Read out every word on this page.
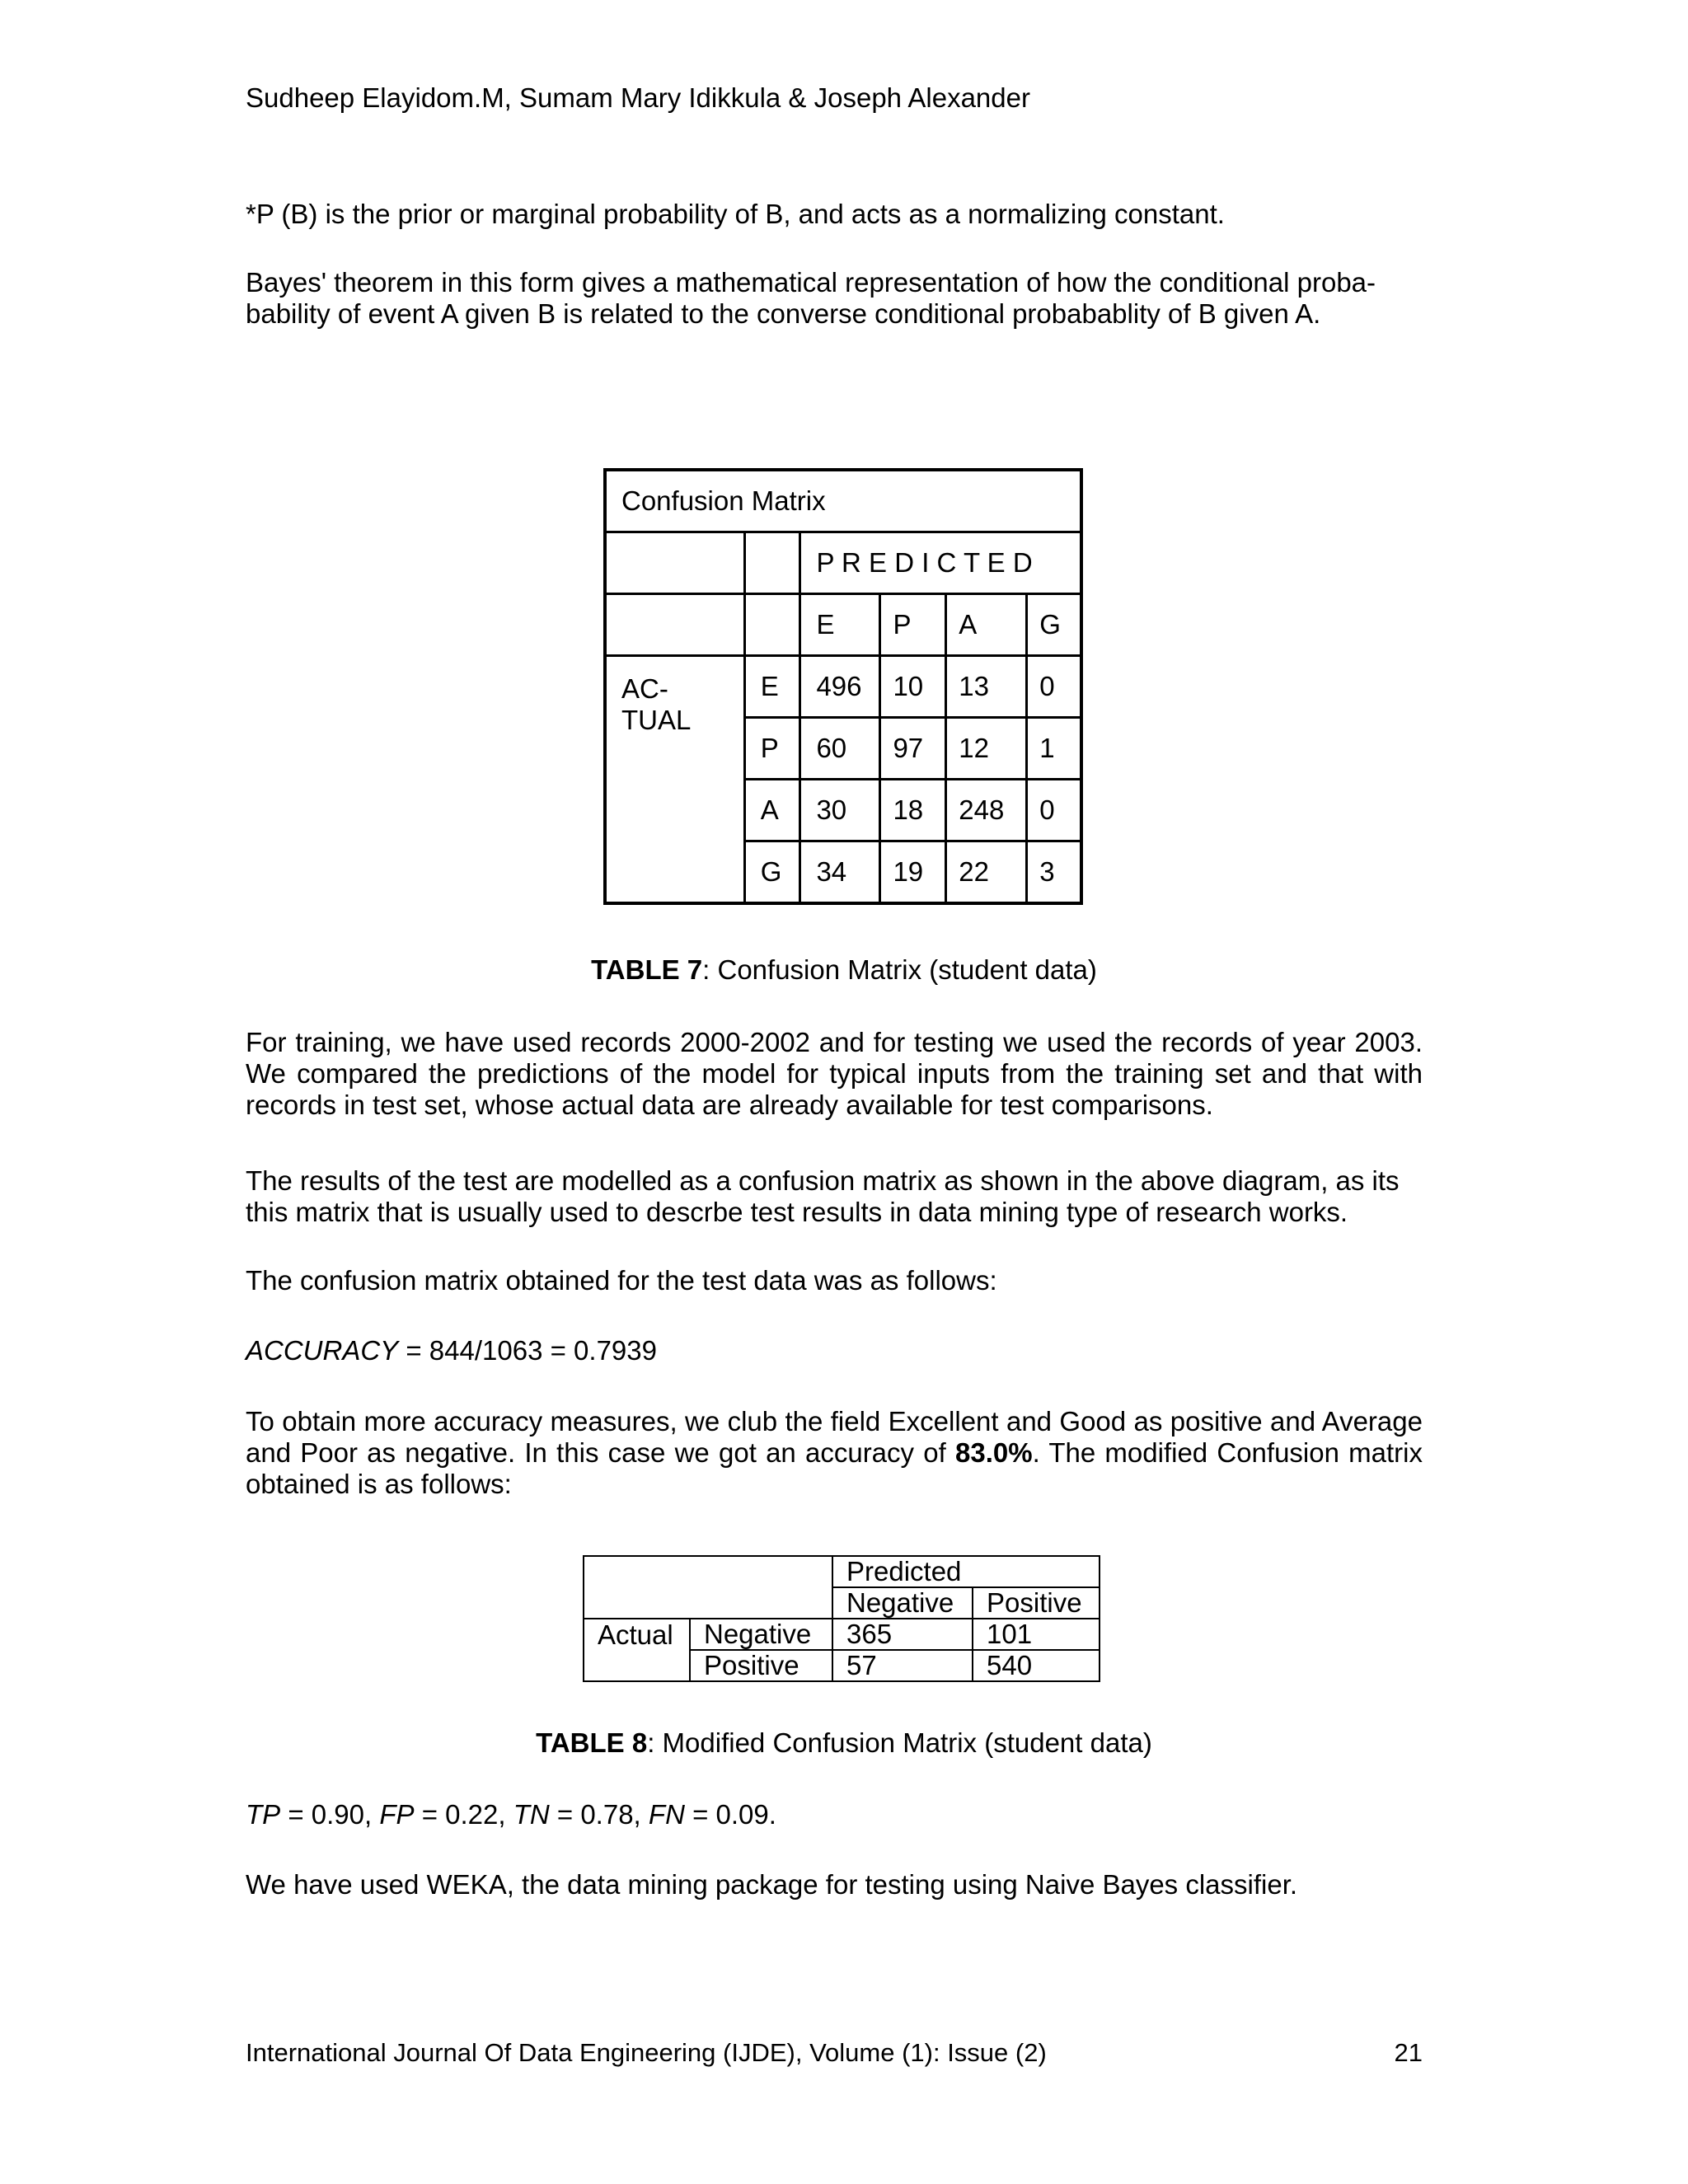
Sudheep Elayidom.M, Sumam Mary Idikkula & Joseph Alexander

*P (B) is the prior or marginal probability of B, and acts as a normalizing constant.

Bayes' theorem in this form gives a mathematical representation of how the conditional proba-
bability of event A given B is related to the converse conditional probabablity of B given A.
Confusion Matrix					
		P R E D I C T E D			
		E	P	A	G

AC-
TUAL	E	496	10	13	0
	P	60	97	12	1
	A	30	18	248	0
	G	34	19	22	3
TABLE 7: Confusion Matrix (student data)

For training, we have used records 2000-2002 and for testing we used the records of year 2003. We compared the predictions of the model for typical inputs from the training set and that with records in test set, whose actual data are already available for test comparisons.

The results of the test are modelled as a confusion matrix as shown in the above diagram, as its this matrix that is usually used to descrbe test results in data mining type of research works.

The confusion matrix obtained for the test data was as follows:

ACCURACY = 844/1063 = 0.7939

To obtain more accuracy measures, we club the field Excellent and Good as positive and Average and Poor as negative. In this case we got an accuracy of 83.0%. The modified Confusion matrix obtained is as follows:

		Predicted	
		Negative	Positive
Actual	Negative	365	101
	Positive	57	540
TABLE 8: Modified Confusion Matrix (student data)

TP = 0.90, FP = 0.22, TN = 0.78, FN = 0.09.

We have used WEKA, the data mining package for testing using Naive Bayes classifier.

International Journal Of Data Engineering (IJDE), Volume (1): Issue (2)	21
